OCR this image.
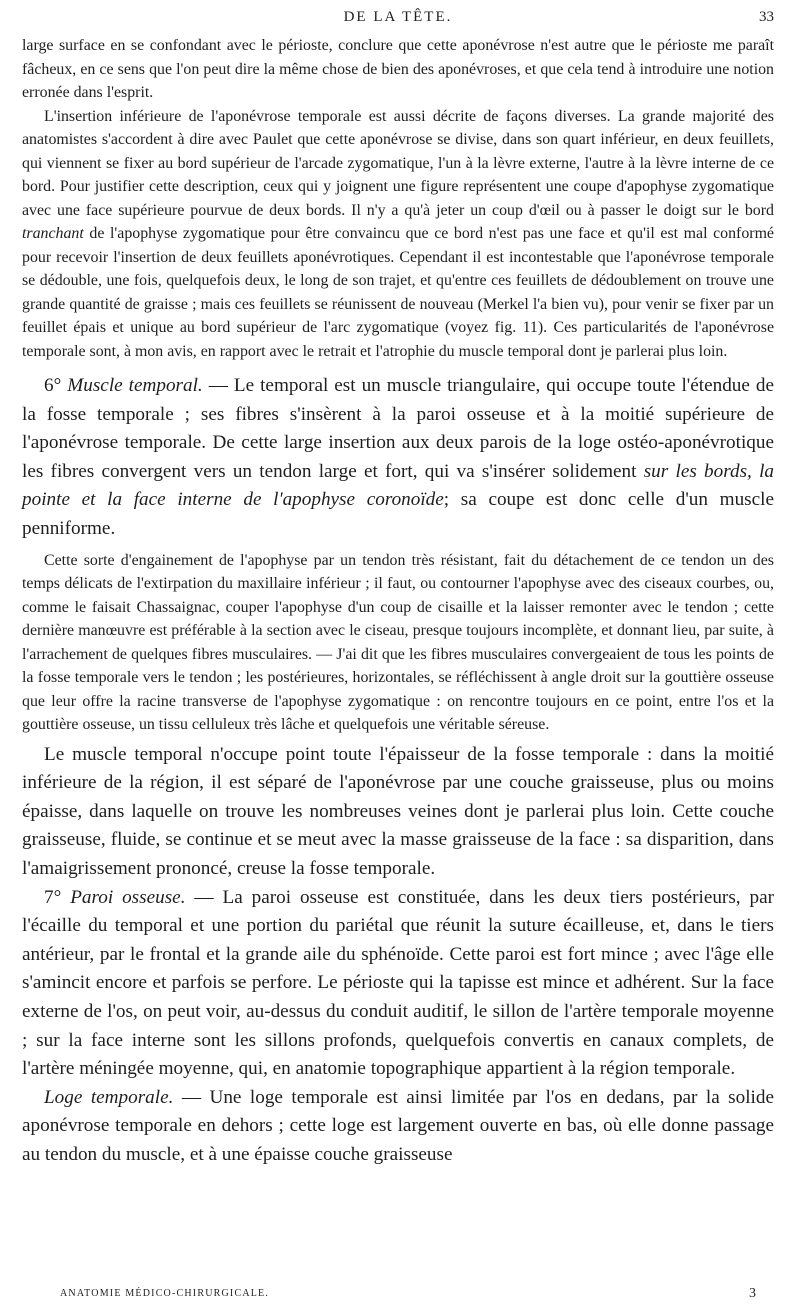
DE LA TÊTE.	33

large surface en se confondant avec le périoste, conclure que cette aponévrose n'est autre que le périoste me paraît fâcheux, en ce sens que l'on peut dire la même chose de bien des aponévroses, et que cela tend à introduire une notion erronée dans l'esprit.

L'insertion inférieure de l'aponévrose temporale est aussi décrite de façons diverses. La grande majorité des anatomistes s'accordent à dire avec Paulet que cette aponévrose se divise, dans son quart inférieur, en deux feuillets, qui viennent se fixer au bord supérieur de l'arcade zygomatique, l'un à la lèvre externe, l'autre à la lèvre interne de ce bord. Pour justifier cette description, ceux qui y joignent une figure représentent une coupe d'apophyse zygomatique avec une face supérieure pourvue de deux bords. Il n'y a qu'à jeter un coup d'œil ou à passer le doigt sur le bord tranchant de l'apophyse zygomatique pour être convaincu que ce bord n'est pas une face et qu'il est mal conformé pour recevoir l'insertion de deux feuillets aponévrotiques. Cependant il est incontestable que l'aponévrose temporale se dédouble, une fois, quelquefois deux, le long de son trajet, et qu'entre ces feuillets de dédoublement on trouve une grande quantité de graisse ; mais ces feuillets se réunissent de nouveau (Merkel l'a bien vu), pour venir se fixer par un feuillet épais et unique au bord supérieur de l'arc zygomatique (voyez fig. 11). Ces particularités de l'aponévrose temporale sont, à mon avis, en rapport avec le retrait et l'atrophie du muscle temporal dont je parlerai plus loin.

6° Muscle temporal. — Le temporal est un muscle triangulaire, qui occupe toute l'étendue de la fosse temporale ; ses fibres s'insèrent à la paroi osseuse et à la moitié supérieure de l'aponévrose temporale. De cette large insertion aux deux parois de la loge ostéo-aponévrotique les fibres convergent vers un tendon large et fort, qui va s'insérer solidement sur les bords, la pointe et la face interne de l'apophyse coronoïde; sa coupe est donc celle d'un muscle penniforme.

Cette sorte d'engainement de l'apophyse par un tendon très résistant, fait du détachement de ce tendon un des temps délicats de l'extirpation du maxillaire inférieur ; il faut, ou contourner l'apophyse avec des ciseaux courbes, ou, comme le faisait Chassaignac, couper l'apophyse d'un coup de cisaille et la laisser remonter avec le tendon ; cette dernière manœuvre est préférable à la section avec le ciseau, presque toujours incomplète, et donnant lieu, par suite, à l'arrachement de quelques fibres musculaires. — J'ai dit que les fibres musculaires convergeaient de tous les points de la fosse temporale vers le tendon ; les postérieures, horizontales, se réfléchissent à angle droit sur la gouttière osseuse que leur offre la racine transverse de l'apophyse zygomatique : on rencontre toujours en ce point, entre l'os et la gouttière osseuse, un tissu celluleux très lâche et quelquefois une véritable séreuse.

Le muscle temporal n'occupe point toute l'épaisseur de la fosse temporale : dans la moitié inférieure de la région, il est séparé de l'aponévrose par une couche graisseuse, plus ou moins épaisse, dans laquelle on trouve les nombreuses veines dont je parlerai plus loin. Cette couche graisseuse, fluide, se continue et se meut avec la masse graisseuse de la face : sa disparition, dans l'amaigrissement prononcé, creuse la fosse temporale.

7° Paroi osseuse. — La paroi osseuse est constituée, dans les deux tiers postérieurs, par l'écaille du temporal et une portion du pariétal que réunit la suture écailleuse, et, dans le tiers antérieur, par le frontal et la grande aile du sphénoïde. Cette paroi est fort mince ; avec l'âge elle s'amincit encore et parfois se perfore. Le périoste qui la tapisse est mince et adhérent. Sur la face externe de l'os, on peut voir, au-dessus du conduit auditif, le sillon de l'artère temporale moyenne ; sur la face interne sont les sillons profonds, quelquefois convertis en canaux complets, de l'artère méningée moyenne, qui, en anatomie topographique appartient à la région temporale.

Loge temporale. — Une loge temporale est ainsi limitée par l'os en dedans, par la solide aponévrose temporale en dehors ; cette loge est largement ouverte en bas, où elle donne passage au tendon du muscle, et à une épaisse couche graisseuse

ANATOMIE MÉDICO-CHIRURGICALE.	3
